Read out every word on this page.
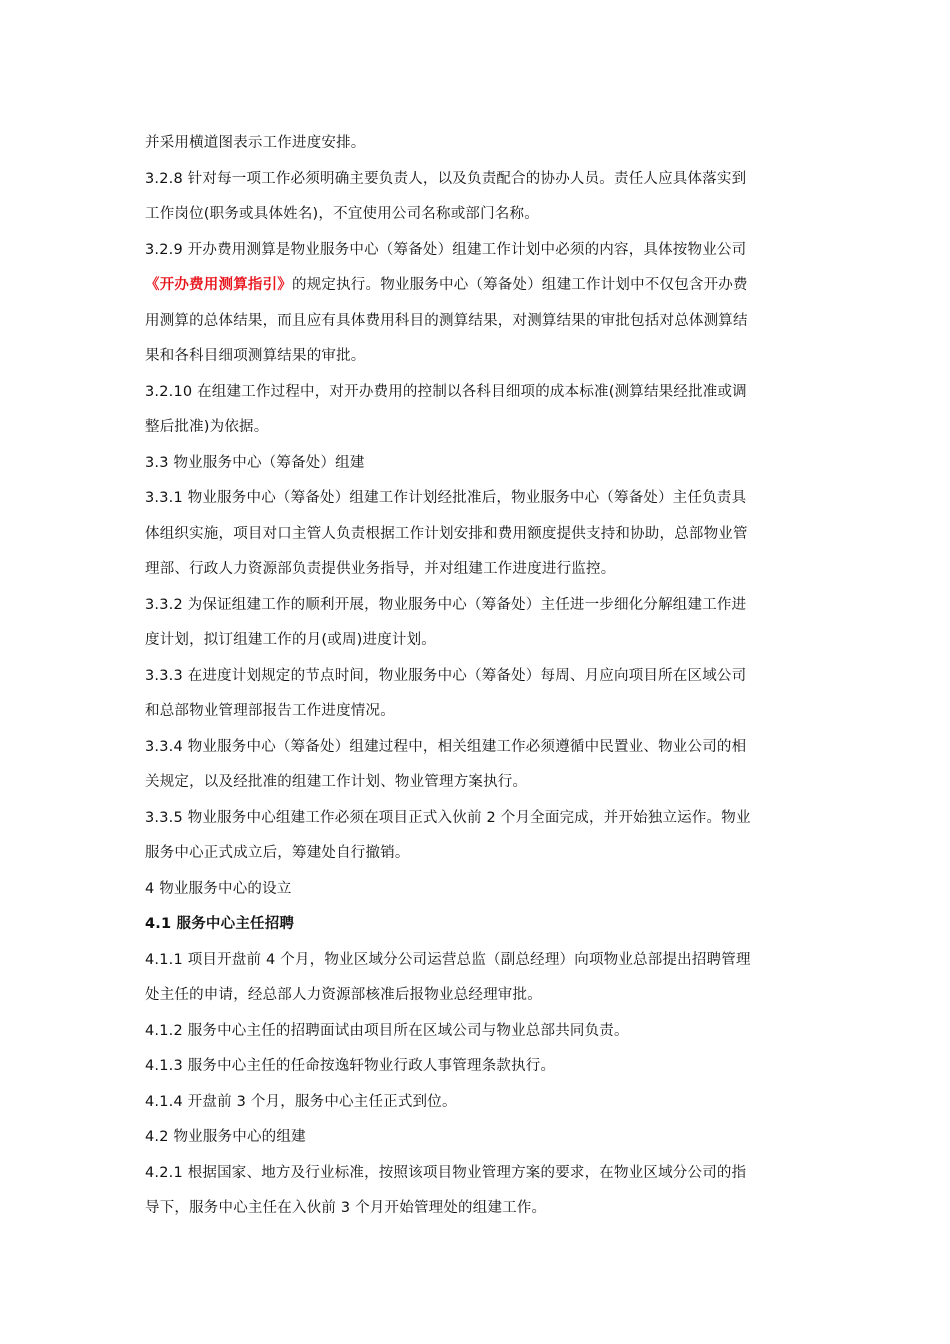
并采用横道图表示工作进度安排。
3.2.8 针对每一项工作必须明确主要负责人，以及负责配合的协办人员。责任人应具体落实到
工作岗位(职务或具体姓名)，不宜使用公司名称或部门名称。
3.2.9 开办费用测算是物业服务中心（筹备处）组建工作计划中必须的内容，具体按物业公司
《开办费用测算指引》的规定执行。物业服务中心（筹备处）组建工作计划中不仅包含开办费
用测算的总体结果，而且应有具体费用科目的测算结果，对测算结果的审批包括对总体测算结
果和各科目细项测算结果的审批。
3.2.10 在组建工作过程中，对开办费用的控制以各科目细项的成本标准(测算结果经批准或调
整后批准)为依据。
3.3 物业服务中心（筹备处）组建
3.3.1 物业服务中心（筹备处）组建工作计划经批准后，物业服务中心（筹备处）主任负责具
体组织实施，项目对口主管人负责根据工作计划安排和费用额度提供支持和协助，总部物业管
理部、行政人力资源部负责提供业务指导，并对组建工作进度进行监控。
3.3.2 为保证组建工作的顺利开展，物业服务中心（筹备处）主任进一步细化分解组建工作进
度计划，拟订组建工作的月(或周)进度计划。
3.3.3 在进度计划规定的节点时间，物业服务中心（筹备处）每周、月应向项目所在区域公司
和总部物业管理部报告工作进度情况。
3.3.4 物业服务中心（筹备处）组建过程中，相关组建工作必须遵循中民置业、物业公司的相
关规定，以及经批准的组建工作计划、物业管理方案执行。
3.3.5 物业服务中心组建工作必须在项目正式入伙前 2 个月全面完成，并开始独立运作。物业
服务中心正式成立后，筹建处自行撤销。
4 物业服务中心的设立
4.1 服务中心主任招聘
4.1.1 项目开盘前 4 个月，物业区域分公司运营总监（副总经理）向项物业总部提出招聘管理
处主任的申请，经总部人力资源部核准后报物业总经理审批。
4.1.2 服务中心主任的招聘面试由项目所在区域公司与物业总部共同负责。
4.1.3 服务中心主任的任命按逸轩物业行政人事管理条款执行。
4.1.4 开盘前 3 个月，服务中心主任正式到位。
4.2 物业服务中心的组建
4.2.1 根据国家、地方及行业标准，按照该项目物业管理方案的要求，在物业区域分公司的指
导下，服务中心主任在入伙前 3 个月开始管理处的组建工作。
